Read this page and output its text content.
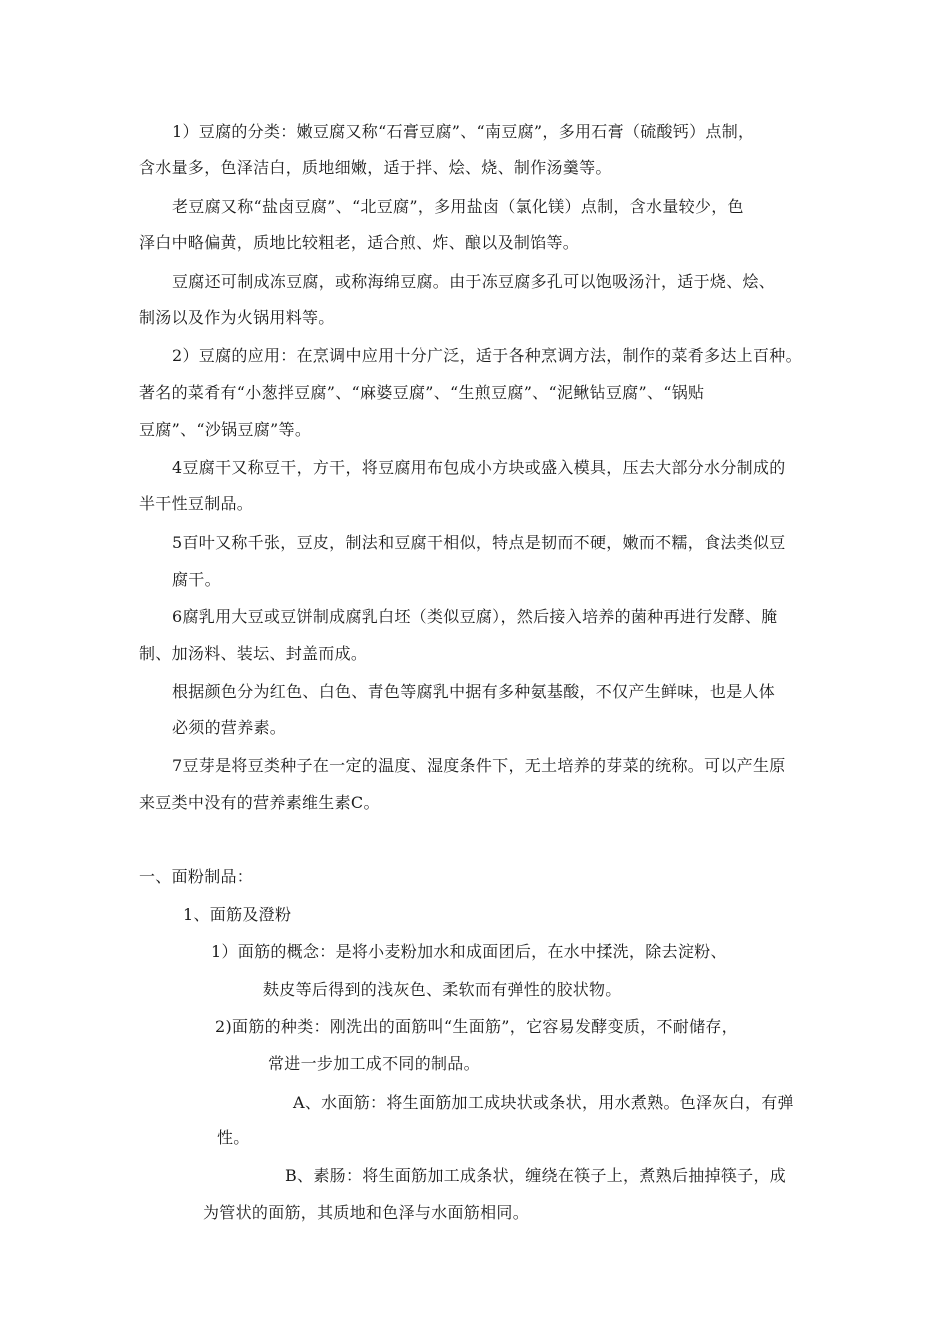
1）豆腐的分类：嫩豆腐又称“石膏豆腐”、“南豆腐”，多用石膏（硫酸钙）点制，
含水量多，色泽洁白，质地细嫩，适于拌、烩、烧、制作汤羹等。
老豆腐又称“盐卤豆腐”、“北豆腐”，多用盐卤（氯化镁）点制，含水量较少，色
泽白中略偏黄，质地比较粗老，适合煎、炸、酿以及制馅等。
豆腐还可制成冻豆腐，或称海绵豆腐。由于冻豆腐多孔可以饱吸汤汁，适于烧、烩、
制汤以及作为火锅用料等。
2）豆腐的应用：在烹调中应用十分广泛，适于各种烹调方法，制作的菜肴多达上百种。
著名的菜肴有“小葱拌豆腐”、“麻婆豆腐”、“生煎豆腐”、“泥鳅钻豆腐”、“锅贴
豆腐”、“沙锅豆腐”等。
4豆腐干又称豆干，方干，将豆腐用布包成小方块或盛入模具，压去大部分水分制成的
半干性豆制品。
5百叶又称千张，豆皮，制法和豆腐干相似，特点是韧而不硬，嫩而不糯，食法类似豆
腐干。
6腐乳用大豆或豆饼制成腐乳白坯（类似豆腐），然后接入培养的菌种再进行发酵、腌
制、加汤料、装坛、封盖而成。
根据颜色分为红色、白色、青色等腐乳中据有多种氨基酸，不仅产生鲜味，也是人体
必须的营养素。
7豆芽是将豆类种子在一定的温度、湿度条件下，无土培养的芽菜的统称。可以产生原
来豆类中没有的营养素维生素C。
一、面粉制品：
1、面筋及澄粉
1）面筋的概念：是将小麦粉加水和成面团后，在水中揉洗，除去淀粉、
麸皮等后得到的浅灰色、柔软而有弹性的胶状物。
2)面筋的种类：刚洗出的面筋叫“生面筋”，它容易发酵变质，不耐储存，
常进一步加工成不同的制品。
A、水面筋：将生面筋加工成块状或条状，用水煮熟。色泽灰白，有弹
性。
B、素肠：将生面筋加工成条状，缠绕在筷子上，煮熟后抽掉筷子，成
为管状的面筋，其质地和色泽与水面筋相同。
